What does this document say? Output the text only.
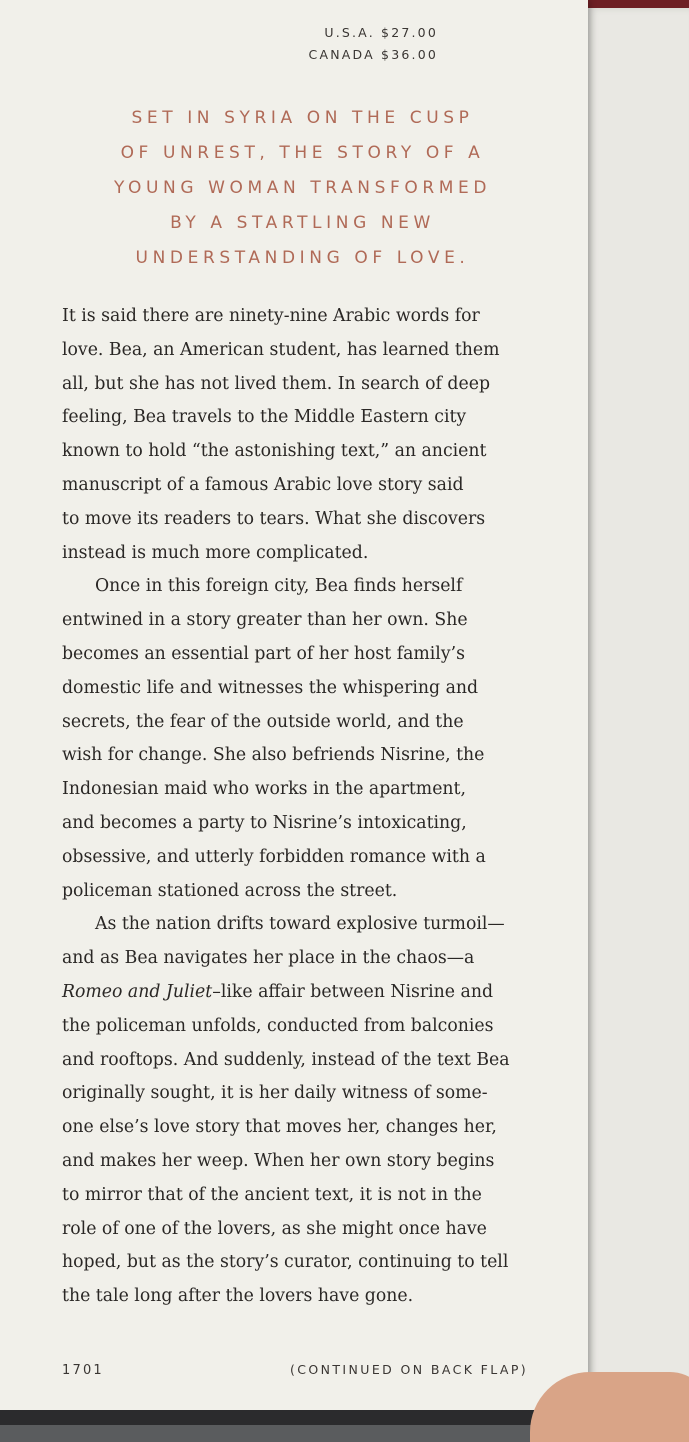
U.S.A. $27.00
CANADA $36.00
SET IN SYRIA ON THE CUSP
OF UNREST, THE STORY OF A
YOUNG WOMAN TRANSFORMED
BY A STARTLING NEW
UNDERSTANDING OF LOVE.
It is said there are ninety-nine Arabic words for
love. Bea, an American student, has learned them
all, but she has not lived them. In search of deep
feeling, Bea travels to the Middle Eastern city
known to hold “the astonishing text,” an ancient
manuscript of a famous Arabic love story said
to move its readers to tears. What she discovers
instead is much more complicated.
Once in this foreign city, Bea finds herself
entwined in a story greater than her own. She
becomes an essential part of her host family’s
domestic life and witnesses the whispering and
secrets, the fear of the outside world, and the
wish for change. She also befriends Nisrine, the
Indonesian maid who works in the apartment,
and becomes a party to Nisrine’s intoxicating,
obsessive, and utterly forbidden romance with a
policeman stationed across the street.
As the nation drifts toward explosive turmoil—
and as Bea navigates her place in the chaos—a
Romeo and Juliet–like affair between Nisrine and
the policeman unfolds, conducted from balconies
and rooftops. And suddenly, instead of the text Bea
originally sought, it is her daily witness of some-
one else’s love story that moves her, changes her,
and makes her weep. When her own story begins
to mirror that of the ancient text, it is not in the
role of one of the lovers, as she might once have
hoped, but as the story’s curator, continuing to tell
the tale long after the lovers have gone.
1701	(CONTINUED ON BACK FLAP)
